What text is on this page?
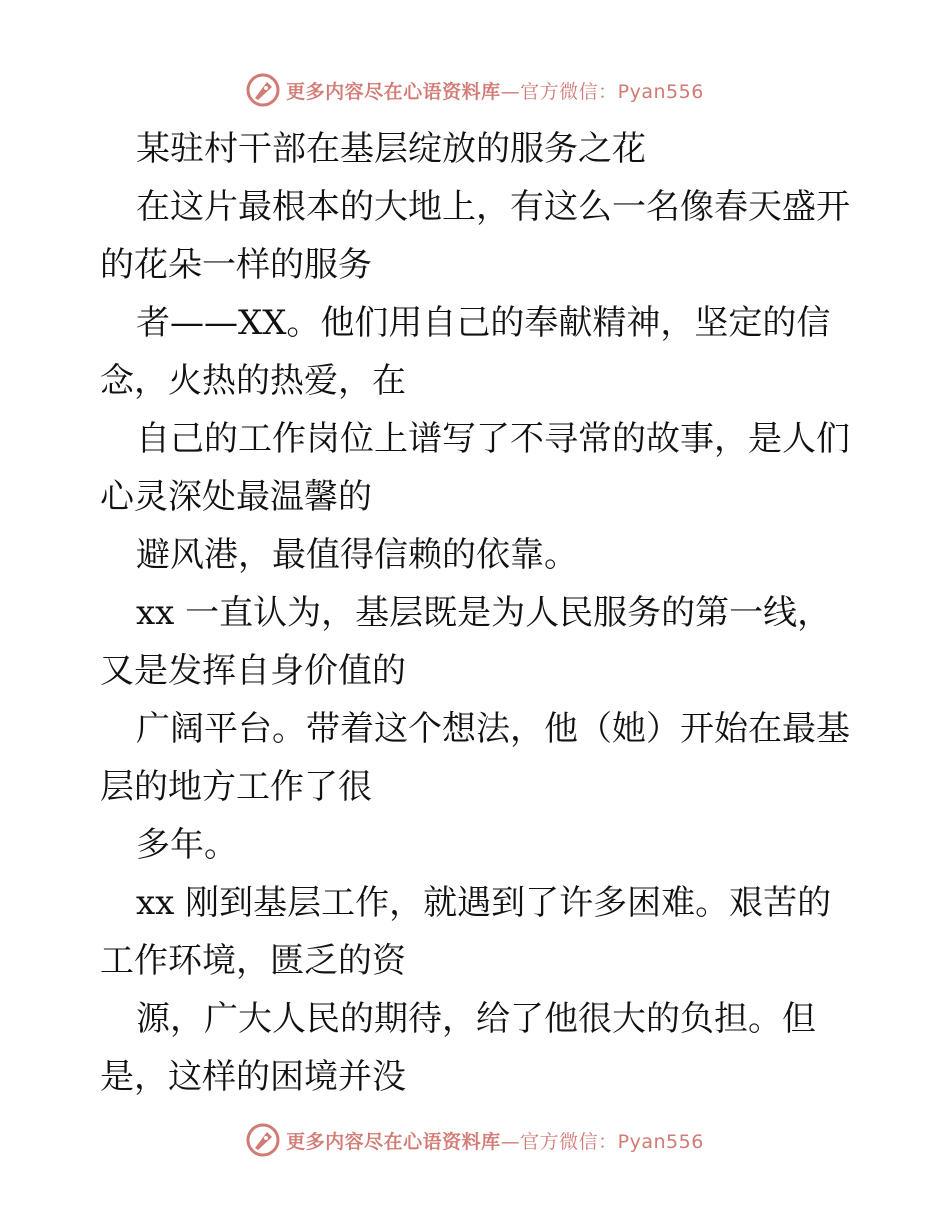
更多内容尽在心语资料库—官方微信：Pyan556

某驻村干部在基层绽放的服务之花

在这片最根本的大地上，有这么一名像春天盛开

的花朵一样的服务

者——XX。他们用自己的奉献精神，坚定的信

念，火热的热爱，在

自己的工作岗位上谱写了不寻常的故事，是人们

心灵深处最温馨的

避风港，最值得信赖的依靠。

xx 一直认为，基层既是为人民服务的第一线，

又是发挥自身价值的

广阔平台。带着这个想法，他（她）开始在最基

层的地方工作了很

多年。

xx 刚到基层工作，就遇到了许多困难。艰苦的

工作环境，匮乏的资

源，广大人民的期待，给了他很大的负担。但

是，这样的困境并没

更多内容尽在心语资料库—官方微信：Pyan556
